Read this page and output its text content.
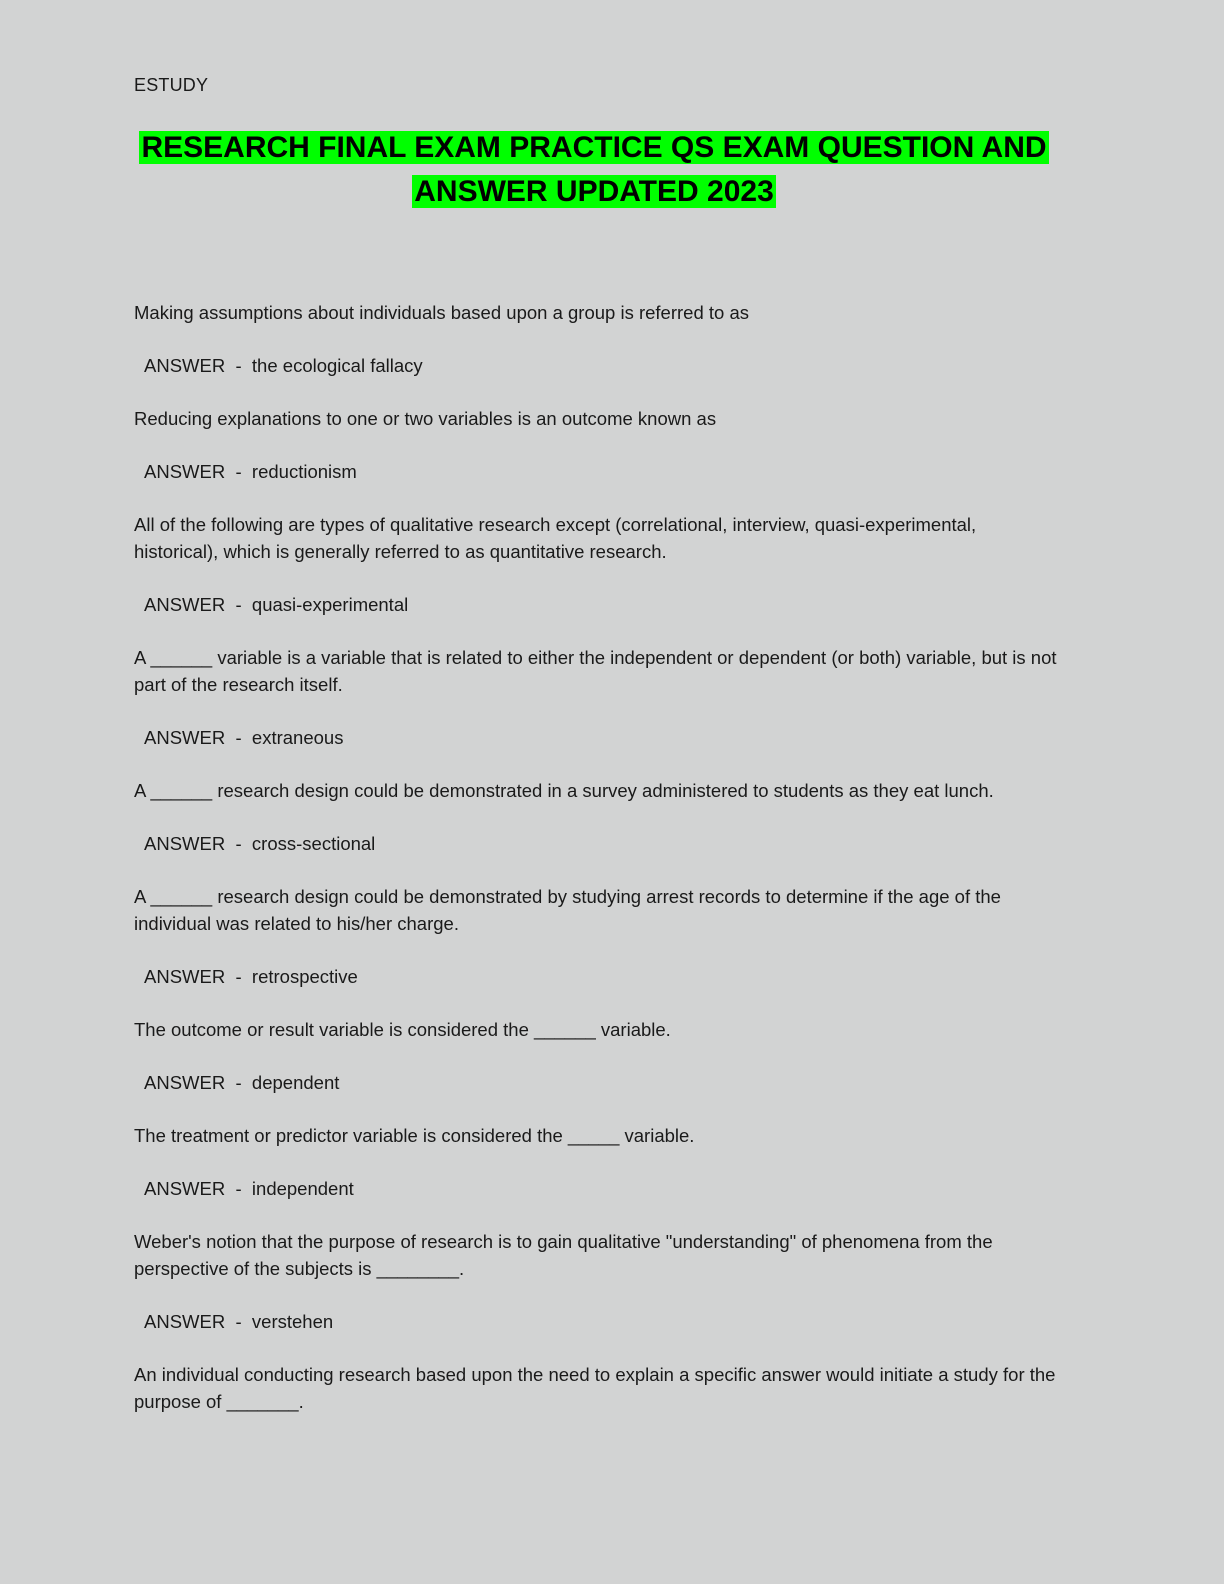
ESTUDY
RESEARCH FINAL EXAM PRACTICE QS EXAM QUESTION AND ANSWER UPDATED 2023

Making assumptions about individuals based upon a group is referred to as

ANSWER  -  the ecological fallacy

Reducing explanations to one or two variables is an outcome known as

ANSWER  -  reductionism

All of the following are types of qualitative research except (correlational, interview, quasi-experimental, historical), which is generally referred to as quantitative research.

ANSWER  -  quasi-experimental

A ______ variable is a variable that is related to either the independent or dependent (or both) variable, but is not part of the research itself.

ANSWER  -  extraneous

A ______ research design could be demonstrated in a survey administered to students as they eat lunch.

ANSWER  -  cross-sectional

A ______ research design could be demonstrated by studying arrest records to determine if the age of the individual was related to his/her charge.

ANSWER  -  retrospective

The outcome or result variable is considered the ______ variable.

ANSWER  -  dependent

The treatment or predictor variable is considered the _____ variable.

ANSWER  -  independent

Weber's notion that the purpose of research is to gain qualitative "understanding" of phenomena from the perspective of the subjects is ________.

ANSWER  -  verstehen

An individual conducting research based upon the need to explain a specific answer would initiate a study for the purpose of _______.
